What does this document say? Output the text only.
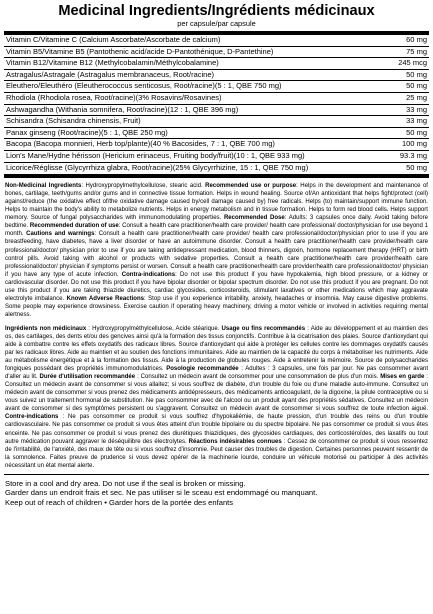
Medicinal Ingredients/Ingrédients médicinaux
per capsule/par capsule
Vitamin C/Vitamine C (Calcium Ascorbate/Ascorbate de calcium)	60 mg
Vitamin B5/Vitamine B5 (Pantothenic acid/acide D-Pantothénique, D-Pantethine)	75 mg
Vitamin B12/Vitamine B12 (Methylcobalamin/Méthylcobalamine)	245 mcg
Astragalus/Astragale (Astragalus membranaceus, Root/racine)	50 mg
Eleuthero/Eleuthéro (Eleutherococcus senticosus, Root/racine)(5 : 1, QBE 750 mg)	50 mg
Rhodiola (Rhodiola rosea, Root/racine)(3% Rosavins/Rosavines)	25 mg
Ashwagandha (Withania somnifera, Root/racine)(12 : 1, QBE 396 mg)	33 mg
Schisandra (Schisandra chinensis, Fruit)	33 mg
Panax ginseng (Root/racine)(5 : 1, QBE 250 mg)	50 mg
Bacopa (Bacopa monnieri, Herb top/plante)(40 % Bacosides, 7 : 1, QBE 700 mg)	100 mg
Lion's Mane/Hydne hérisson (Hericium erinaceus, Fruiting body/fruit)(10 : 1, QBE 933 mg)	93.3 mg
Licorice/Réglisse (Glycyrrhiza glabra, Root/racine)(25% Glycyrrhizine, 15 : 1, QBE 750 mg)	50 mg

Non-Medicinal Ingredients: Hydroxypropylmethylcellulose, stearic acid. Recommended use or purpose: Helps in the development and maintenance of bones, cartilage, teeth/gums and/or gums and in connective tissue formation. Helps in wound healing. Source of/An antioxidant that helps fight/protect (cell) against/reduce (the oxidative effect of/the oxidative damage caused by/cell damage caused by) free radicals. Helps (to) maintain/support immune function. Helps to maintain the body's ability to metabolize nutrients. Helps in energy metabolism and in tissue formation. Helps to form red blood cells. Helps support memory. Source of fungal polysaccharides with immunomodulating properties. Recommended Dose: Adults: 3 capsules once daily. Avoid taking before bedtime. Recommended duration of use: Consult a health care practitioner/health care provider/ health care professional/ doctor/physician for use beyond 1 month. Cautions and warnings: Consult a health care practitioner/health care provider/ health care professional/doctor/physician prior to use if you are breastfeeding, have diabetes, have a liver disorder or have an autoimmune disorder. Consult a health care practitioner/health care provider/health care professional/doctor/ physician prior to use if you are taking antidepressant medication, blood thinners, digoxin, hormone replacement therapy (HRT) or birth control pills. Avoid taking with alcohol or products with sedative properties. Consult a health care practitioner/health care provider/health care professional/doctor/ physician if symptoms persist or worsen. Consult a health care practitioner/health care provider/health care professional/doctor/ physician if you have any type of acute infection. Contra-indications: Do not use this product if you have hypokalemia, high blood pressure, or a kidney or cardiovascular disorder. Do not use this product if you have bipolar disorder or bipolar spectrum disorder. Do not use this product if you are pregnant. Do not use this product if you are taking thiazide diuretics, cardiac glycosides, corticosteroids, stimulant laxatives or other medications which may aggravate electrolyte imbalance. Known Adverse Reactions: Stop use if you experience irritability, anxiety, headaches or insomnia. May cause digestive problems. Some people may experience drowsiness. Exercise caution if operating heavy machinery, driving a motor vehicle or involved in activities requiring mental alertness.

Ingrédients non médicinaux : Hydroxypropylméthylcellulose, Acide stéarique. Usage ou fins recommandés : Aide au développement et au maintien des os, des cartilages, des dents et/ou des gencives ainsi qu'à la formation des tissus conjonctifs. Contribue à la cicatrisation des plaies. Source d'antioxydant qui aide à combattre contre les effets oxydatifs des radicaux libres. Source d'antioxydant qui aide à protéger les cellules contre les dommages oxydatifs causés par les radicaux libres. Aide au maintien et au soutien des fonctions immunitaires. Aide au maintien de la capacité du corps à métaboliser les nutriments. Aide au métabolisme énergétique et à la formation des tissus. Aide à la production de globules rouges. Aide à entretenir la mémoire. Source de polysaccharides fongiques possédant des propriétés immunomodulatrices. Posologie recommandée : Adultes : 3 capsules, une fois par jour. Ne pas consommer avant d'aller au lit. Durée d'utilisation recommandée : Consultez un médecin avant de consommer pour une consommation de plus d'un mois. Mises en garde : Consultez un médecin avant de consommer si vous allaitez; si vous souffrez de diabète, d'un trouble du foie ou d'une maladie auto-immune. Consultez un médecin avant de consommer si vous prenez des médicaments antidépresseurs, des médicaments anticoagulant, de la digoxine, la pilule contraceptive ou si vous suivez un traitement hormonal de substitution. Ne pas consommer avec de l'alcool ou un produit ayant des propriétés sédatives. Consultez un médecin avant de consommer si des symptômes persistent ou s'aggravent. Consultez un médecin avant de consommer si vous souffrez de toute infection aiguë. Contre-indications : Ne pas consommer ce produit si vous souffrez d'hypokaliémie, de haute pression, d'un trouble des reins ou d'un trouble cardiovasculaire. Ne pas consommer ce produit si vous êtes atteint d'un trouble bipolaire ou du spectre bipolaire. Ne pas consommer ce produit si vous êtes enceinte. Ne pas consommer ce produit si vous prenez des diurétiques thiazidiques, des glycosides cardiaques, des corticostéroïdes, des laxatifs ou tout autre médication pouvant aggraver le déséquilibre des électrolytes. Réactions indésirables connues : Cessez de consommer ce produit si vous ressentez de l'irritabilité, de l'anxiété, des maux de tête ou si vous souffrez d'insomnie. Peut causer des troubles de digestion. Certaines personnes peuvent ressentir de la somnolence. Faites preuve de prudence si vous devez opérer de la machinerie lourde, conduire un véhicule motorisé ou participer à des activités nécessitant un état mental alerte.

Store in a cool and dry area. Do not use if the seal is broken or missing.
Garder dans un endroit frais et sec. Ne pas utiliser si le sceau est endommagé ou manquant.
Keep out of reach of children • Garder hors de la portée des enfants
